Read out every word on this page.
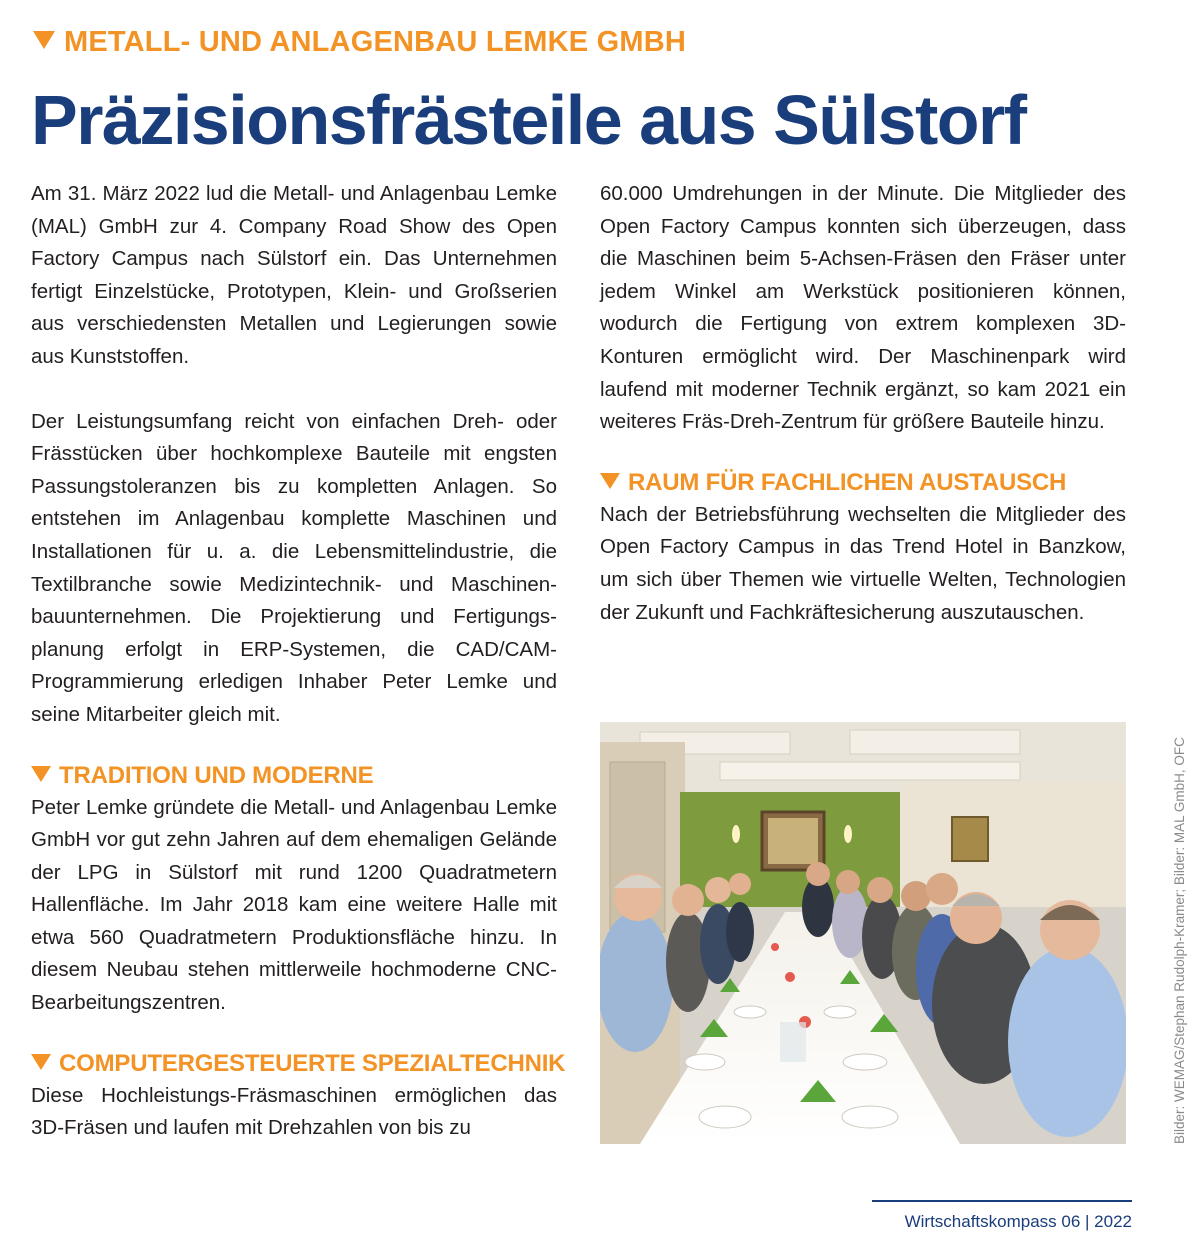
METALL- UND ANLAGENBAU LEMKE GMBH
Präzisionsfrästeile aus Sülstorf

Am 31. März 2022 lud die Metall- und Anlagenbau Lemke (MAL) GmbH zur 4. Company Road Show des Open Factory Campus nach Sülstorf ein. Das Unternehmen fertigt Einzelstücke, Prototypen, Klein- und Großserien aus verschiedensten Metallen und Legierungen sowie aus Kunststoffen.

Der Leistungsumfang reicht von einfachen Dreh- oder Frässtücken über hochkomplexe Bauteile mit engsten Passungstoleranzen bis zu kompletten Anlagen. So entstehen im Anlagenbau komplette Maschinen und Installationen für u. a. die Lebensmittelindustrie, die Textilbranche sowie Medizintechnik- und Maschinenbauunternehmen. Die Projektierung und Fertigungsplanung erfolgt in ERP-Systemen, die CAD/CAM-Programmierung erledigen Inhaber Peter Lemke und seine Mitarbeiter gleich mit.

TRADITION UND MODERNE

Peter Lemke gründete die Metall- und Anlagenbau Lemke GmbH vor gut zehn Jahren auf dem ehemaligen Gelände der LPG in Sülstorf mit rund 1200 Quadratmetern Hallenfläche. Im Jahr 2018 kam eine weitere Halle mit etwa 560 Quadratmetern Produktionsfläche hinzu. In diesem Neubau stehen mittlerweile hochmoderne CNC-Bearbeitungszentren.

COMPUTERGESTEUERTE SPEZIALTECHNIK

Diese Hochleistungs-Fräsmaschinen ermöglichen das 3D-Fräsen und laufen mit Drehzahlen von bis zu

60.000 Umdrehungen in der Minute. Die Mitglieder des Open Factory Campus konnten sich überzeugen, dass die Maschinen beim 5-Achsen-Fräsen den Fräser unter jedem Winkel am Werkstück positionieren können, wodurch die Fertigung von extrem komplexen 3D-Konturen ermöglicht wird. Der Maschinenpark wird laufend mit moderner Technik ergänzt, so kam 2021 ein weiteres Fräs-Dreh-Zentrum für größere Bauteile hinzu.

RAUM FÜR FACHLICHEN AUSTAUSCH

Nach der Betriebsführung wechselten die Mitglieder des Open Factory Campus in das Trend Hotel in Banzkow, um sich über Themen wie virtuelle Welten, Technologien der Zukunft und Fachkräftesicherung auszutauschen.

Bilder: WEMAG/Stephan Rudolph-Kramer; Bilder: MAL GmbH, OFC
Wirtschaftskompass 06 | 2022
